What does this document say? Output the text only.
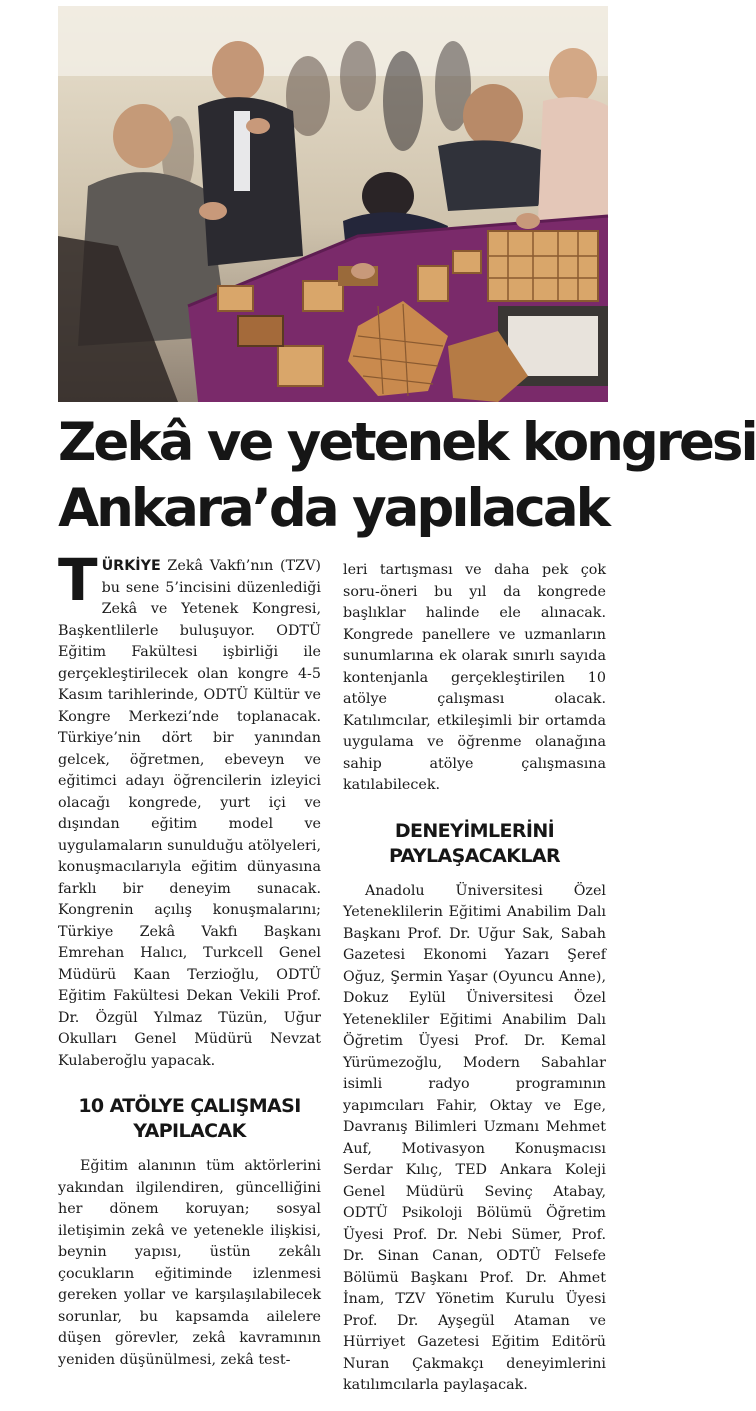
Zekâ ve yetenek kongresi
Ankara’da yapılacak

TÜRKİYE Zekâ Vakfı’nın (TZV) bu sene 5’incisini düzenlediği Zekâ ve Yetenek Kongresi, Başkentlilerle buluşuyor. ODTÜ Eğitim Fakültesi işbirliği ile gerçekleştirilecek olan kongre 4-5 Kasım tarihlerinde, ODTÜ Kültür ve Kongre Merkezi’nde toplanacak. Türkiye’nin dört bir yanından gelcek, öğretmen, ebeveyn ve eğitimci adayı öğrencilerin izleyici olacağı kongrede, yurt içi ve dışından eğitim model ve uygulamaların sunulduğu atölyeleri, konuşmacılarıyla eğitim dünyasına farklı bir deneyim sunacak. Kongrenin açılış konuşmalarını; Türkiye Zekâ Vakfı Başkanı Emrehan Halıcı, Turkcell Genel Müdürü Kaan Terzioğlu, ODTÜ Eğitim Fakültesi Dekan Vekili Prof. Dr. Özgül Yılmaz Tüzün, Uğur Okulları Genel Müdürü Nevzat Kulaberoğlu yapacak.

10 ATÖLYE ÇALIŞMASI
YAPILACAK

Eğitim alanının tüm aktörlerini yakından ilgilendiren, güncelliğini her dönem koruyan; sosyal iletişimin zekâ ve yetenekle ilişkisi, beynin yapısı, üstün zekâlı çocukların eğitiminde izlenmesi gereken yollar ve karşılaşılabilecek sorunlar, bu kapsamda ailelere düşen görevler, zekâ kavramının yeniden düşünülmesi, zekâ test-

leri tartışması ve daha pek çok soru-öneri bu yıl da kongrede başlıklar halinde ele alınacak. Kongrede panellere ve uzmanların sunumlarına ek olarak sınırlı sayıda kontenjanla gerçekleştirilen 10 atölye çalışması olacak. Katılımcılar, etkileşimli bir ortamda uygulama ve öğrenme olanağına sahip atölye çalışmasına katılabilecek.

DENEYİMLERİNİ
PAYLAŞACAKLAR

Anadolu Üniversitesi Özel Yeteneklilerin Eğitimi Anabilim Dalı Başkanı Prof. Dr. Uğur Sak, Sabah Gazetesi Ekonomi Yazarı Şeref Oğuz, Şermin Yaşar (Oyuncu Anne), Dokuz Eylül Üniversitesi Özel Yetenekliler Eğitimi Anabilim Dalı Öğretim Üyesi Prof. Dr. Kemal Yürümezoğlu, Modern Sabahlar isimli radyo programının yapımcıları Fahir, Oktay ve Ege, Davranış Bilimleri Uzmanı Mehmet Auf, Motivasyon Konuşmacısı Serdar Kılıç, TED Ankara Koleji Genel Müdürü Sevinç Atabay, ODTÜ Psikoloji Bölümü Öğretim Üyesi Prof. Dr. Nebi Sümer, Prof. Dr. Sinan Canan, ODTÜ Felsefe Bölümü Başkanı Prof. Dr. Ahmet İnam, TZV Yönetim Kurulu Üyesi Prof. Dr. Ayşegül Ataman ve Hürriyet Gazetesi Eğitim Editörü Nuran Çakmakçı deneyimlerini katılımcılarla paylaşacak.
